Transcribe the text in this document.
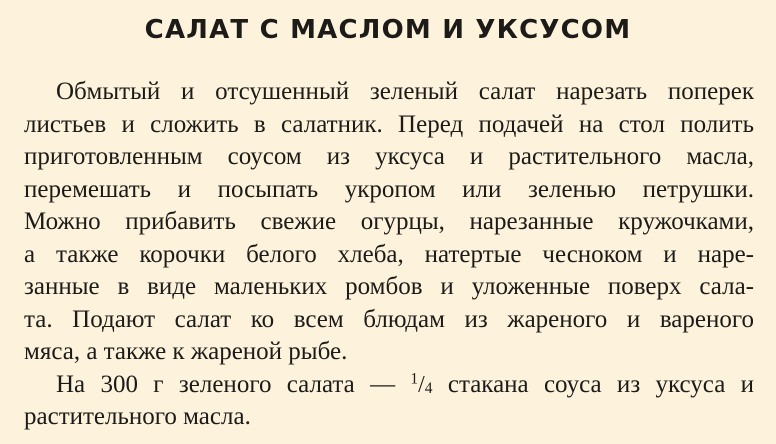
САЛАТ С МАСЛОМ И УКСУСОМ
Обмытый и отсушенный зеленый салат нарезать поперек
листьев и сложить в салатник. Перед подачей на стол полить
приготовленным соусом из уксуса и растительного масла,
перемешать и посыпать укропом или зеленью петрушки.
Можно прибавить свежие огурцы, нарезанные кружочками,
а также корочки белого хлеба, натертые чесноком и наре-
занные в виде маленьких ромбов и уложенные поверх сала-
та. Подают салат ко всем блюдам из жареного и вареного
мяса, а также к жареной рыбе.
На 300 г зеленого салата — $^1/_4$ стакана соуса из уксуса и
растительного масла.
